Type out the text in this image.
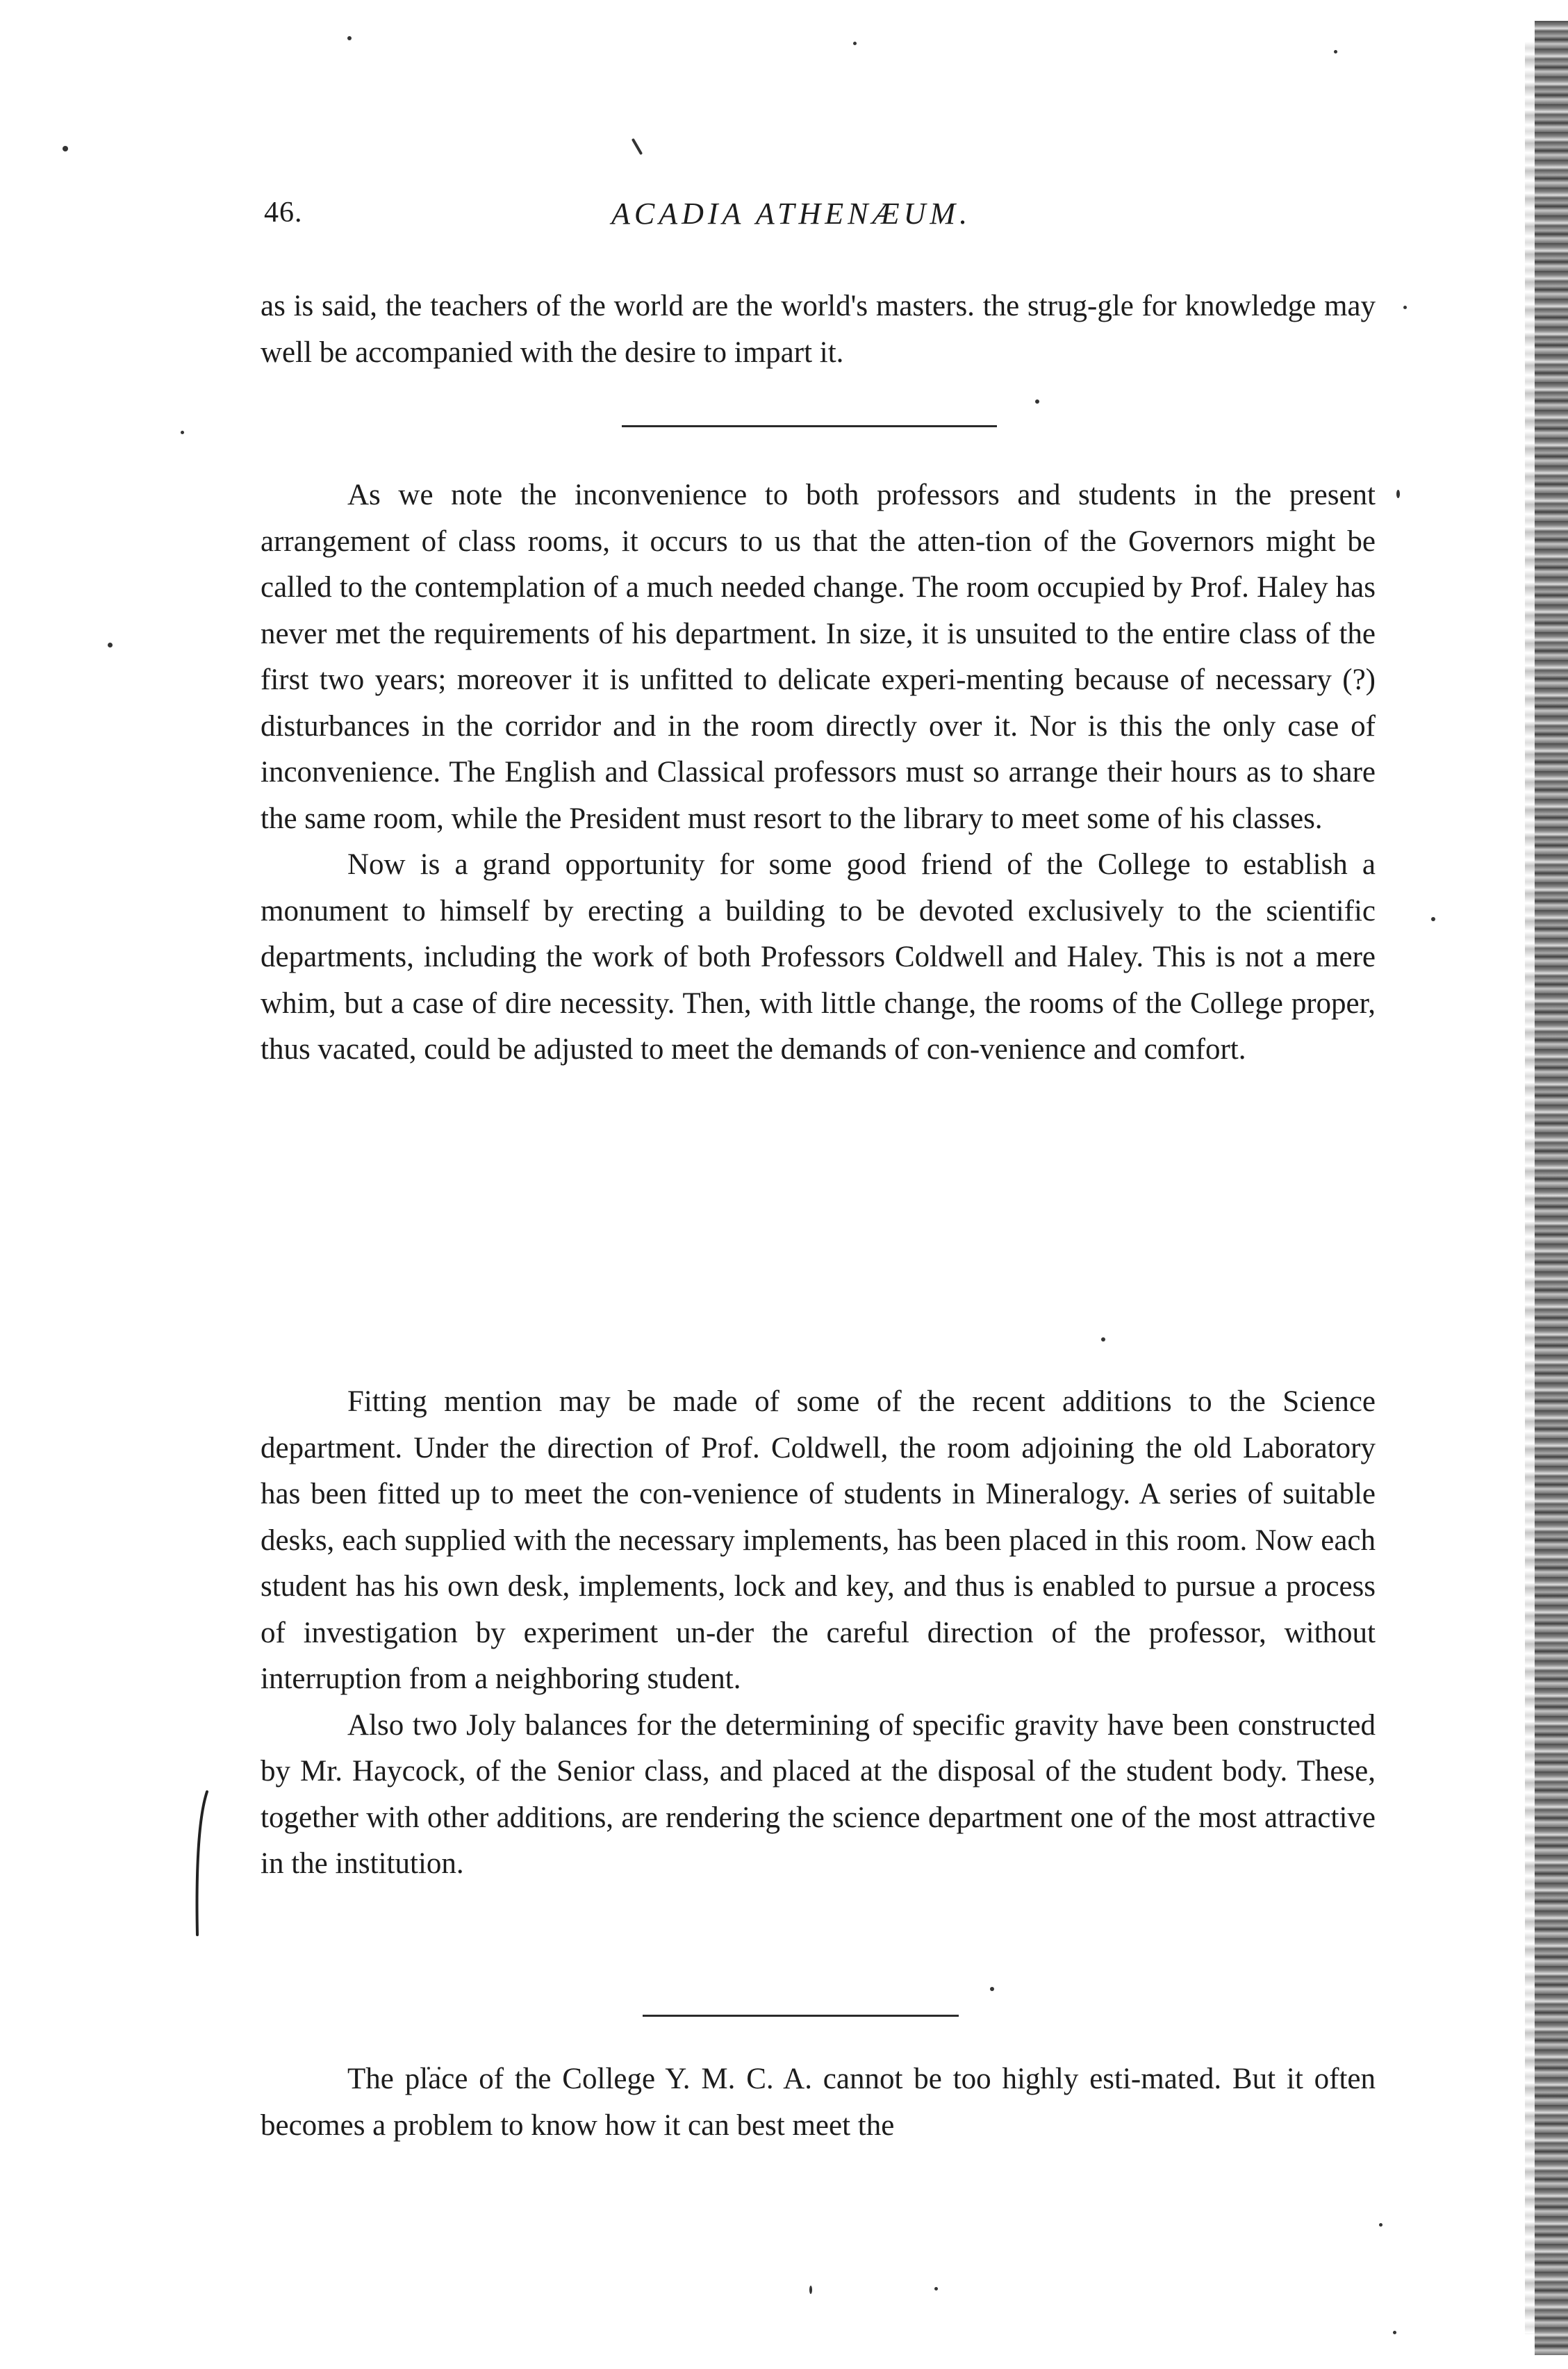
46.	ACADIA ATHENÆUM.

as is said, the teachers of the world are the world's masters. the strug-gle for knowledge may well be accompanied with the desire to impart it.

As we note the inconvenience to both professors and students in the present arrangement of class rooms, it occurs to us that the atten-tion of the Governors might be called to the contemplation of a much needed change. The room occupied by Prof. Haley has never met the requirements of his department. In size, it is unsuited to the entire class of the first two years; moreover it is unfitted to delicate experi-menting because of necessary (?) disturbances in the corridor and in the room directly over it. Nor is this the only case of inconvenience. The English and Classical professors must so arrange their hours as to share the same room, while the President must resort to the library to meet some of his classes.

Now is a grand opportunity for some good friend of the College to establish a monument to himself by erecting a building to be devoted exclusively to the scientific departments, including the work of both Professors Coldwell and Haley. This is not a mere whim, but a case of dire necessity. Then, with little change, the rooms of the College proper, thus vacated, could be adjusted to meet the demands of con-venience and comfort.

Fitting mention may be made of some of the recent additions to the Science department. Under the direction of Prof. Coldwell, the room adjoining the old Laboratory has been fitted up to meet the con-venience of students in Mineralogy. A series of suitable desks, each supplied with the necessary implements, has been placed in this room. Now each student has his own desk, implements, lock and key, and thus is enabled to pursue a process of investigation by experiment un-der the careful direction of the professor, without interruption from a neighboring student.

Also two Joly balances for the determining of specific gravity have been constructed by Mr. Haycock, of the Senior class, and placed at the disposal of the student body. These, together with other additions, are rendering the science department one of the most attractive in the institution.

The place of the College Y. M. C. A. cannot be too highly esti-mated. But it often becomes a problem to know how it can best meet the
